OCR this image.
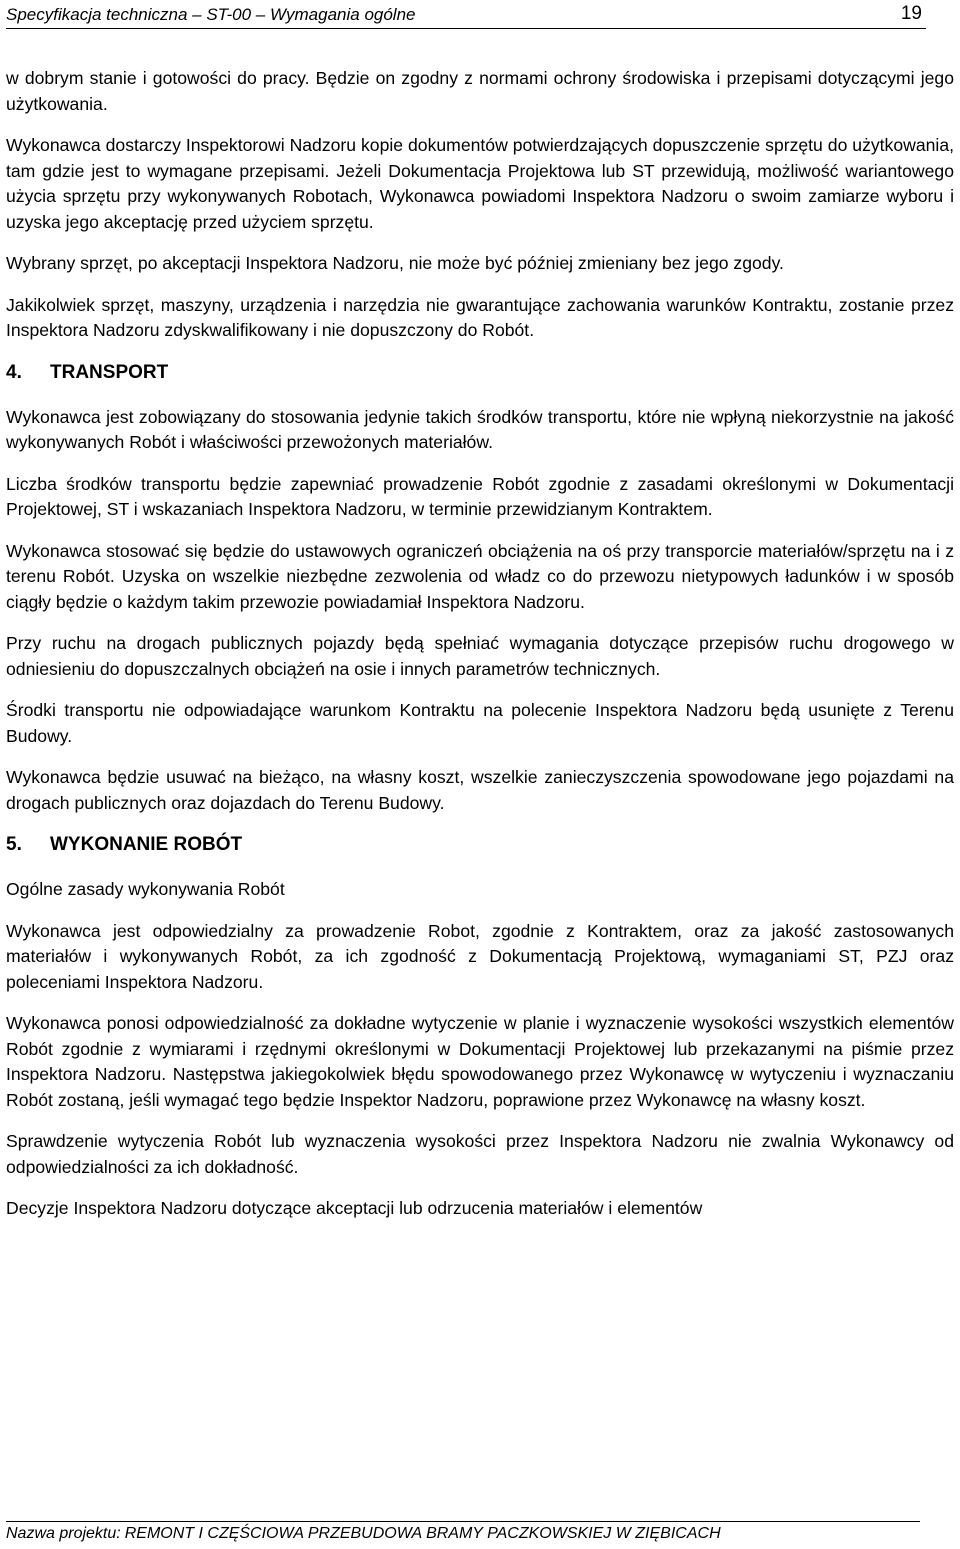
Specyfikacja techniczna – ST-00 – Wymagania ogólne	19

w dobrym stanie i gotowości do pracy. Będzie on zgodny z normami ochrony środowiska i przepisami dotyczącymi jego użytkowania.

Wykonawca dostarczy Inspektorowi Nadzoru kopie dokumentów potwierdzających dopuszczenie sprzętu do użytkowania, tam gdzie jest to wymagane przepisami. Jeżeli Dokumentacja Projektowa lub ST przewidują, możliwość wariantowego użycia sprzętu przy wykonywanych Robotach, Wykonawca powiadomi Inspektora Nadzoru o swoim zamiarze wyboru i uzyska jego akceptację przed użyciem sprzętu.

Wybrany sprzęt, po akceptacji Inspektora Nadzoru, nie może być później zmieniany bez jego zgody.

Jakikolwiek sprzęt, maszyny, urządzenia i narzędzia nie gwarantujące zachowania warunków Kontraktu, zostanie przez Inspektora Nadzoru zdyskwalifikowany i nie dopuszczony do Robót.

4. TRANSPORT

Wykonawca jest zobowiązany do stosowania jedynie takich środków transportu, które nie wpłyną niekorzystnie na jakość wykonywanych Robót i właściwości przewożonych materiałów.

Liczba środków transportu będzie zapewniać prowadzenie Robót zgodnie z zasadami określonymi w Dokumentacji Projektowej, ST i wskazaniach Inspektora Nadzoru, w terminie przewidzianym Kontraktem.

Wykonawca stosować się będzie do ustawowych ograniczeń obciążenia na oś przy transporcie materiałów/sprzętu na i z terenu Robót. Uzyska on wszelkie niezbędne zezwolenia od władz co do przewozu nietypowych ładunków i w sposób ciągły będzie o każdym takim przewozie powiadamiał Inspektora Nadzoru.

Przy ruchu na drogach publicznych pojazdy będą spełniać wymagania dotyczące przepisów ruchu drogowego w odniesieniu do dopuszczalnych obciążeń na osie i innych parametrów technicznych.

Środki transportu nie odpowiadające warunkom Kontraktu na polecenie Inspektora Nadzoru będą usunięte z Terenu Budowy.

Wykonawca będzie usuwać na bieżąco, na własny koszt, wszelkie zanieczyszczenia spowodowane jego pojazdami na drogach publicznych oraz dojazdach do Terenu Budowy.

5. WYKONANIE ROBÓT

Ogólne zasady wykonywania Robót

Wykonawca jest odpowiedzialny za prowadzenie Robot, zgodnie z Kontraktem, oraz za jakość zastosowanych materiałów i wykonywanych Robót, za ich zgodność z Dokumentacją Projektową, wymaganiami ST, PZJ oraz poleceniami Inspektora Nadzoru.

Wykonawca ponosi odpowiedzialność za dokładne wytyczenie w planie i wyznaczenie wysokości wszystkich elementów Robót zgodnie z wymiarami i rzędnymi określonymi w Dokumentacji Projektowej lub przekazanymi na piśmie przez Inspektora Nadzoru. Następstwa jakiegokolwiek błędu spowodowanego przez Wykonawcę w wytyczeniu i wyznaczaniu Robót zostaną, jeśli wymagać tego będzie Inspektor Nadzoru, poprawione przez Wykonawcę na własny koszt.

Sprawdzenie wytyczenia Robót lub wyznaczenia wysokości przez Inspektora Nadzoru nie zwalnia Wykonawcy od odpowiedzialności za ich dokładność.

Decyzje Inspektora Nadzoru dotyczące akceptacji lub odrzucenia materiałów i elementów

Nazwa projektu: REMONT I CZĘŚCIOWA PRZEBUDOWA BRAMY PACZKOWSKIEJ W ZIĘBICACH
